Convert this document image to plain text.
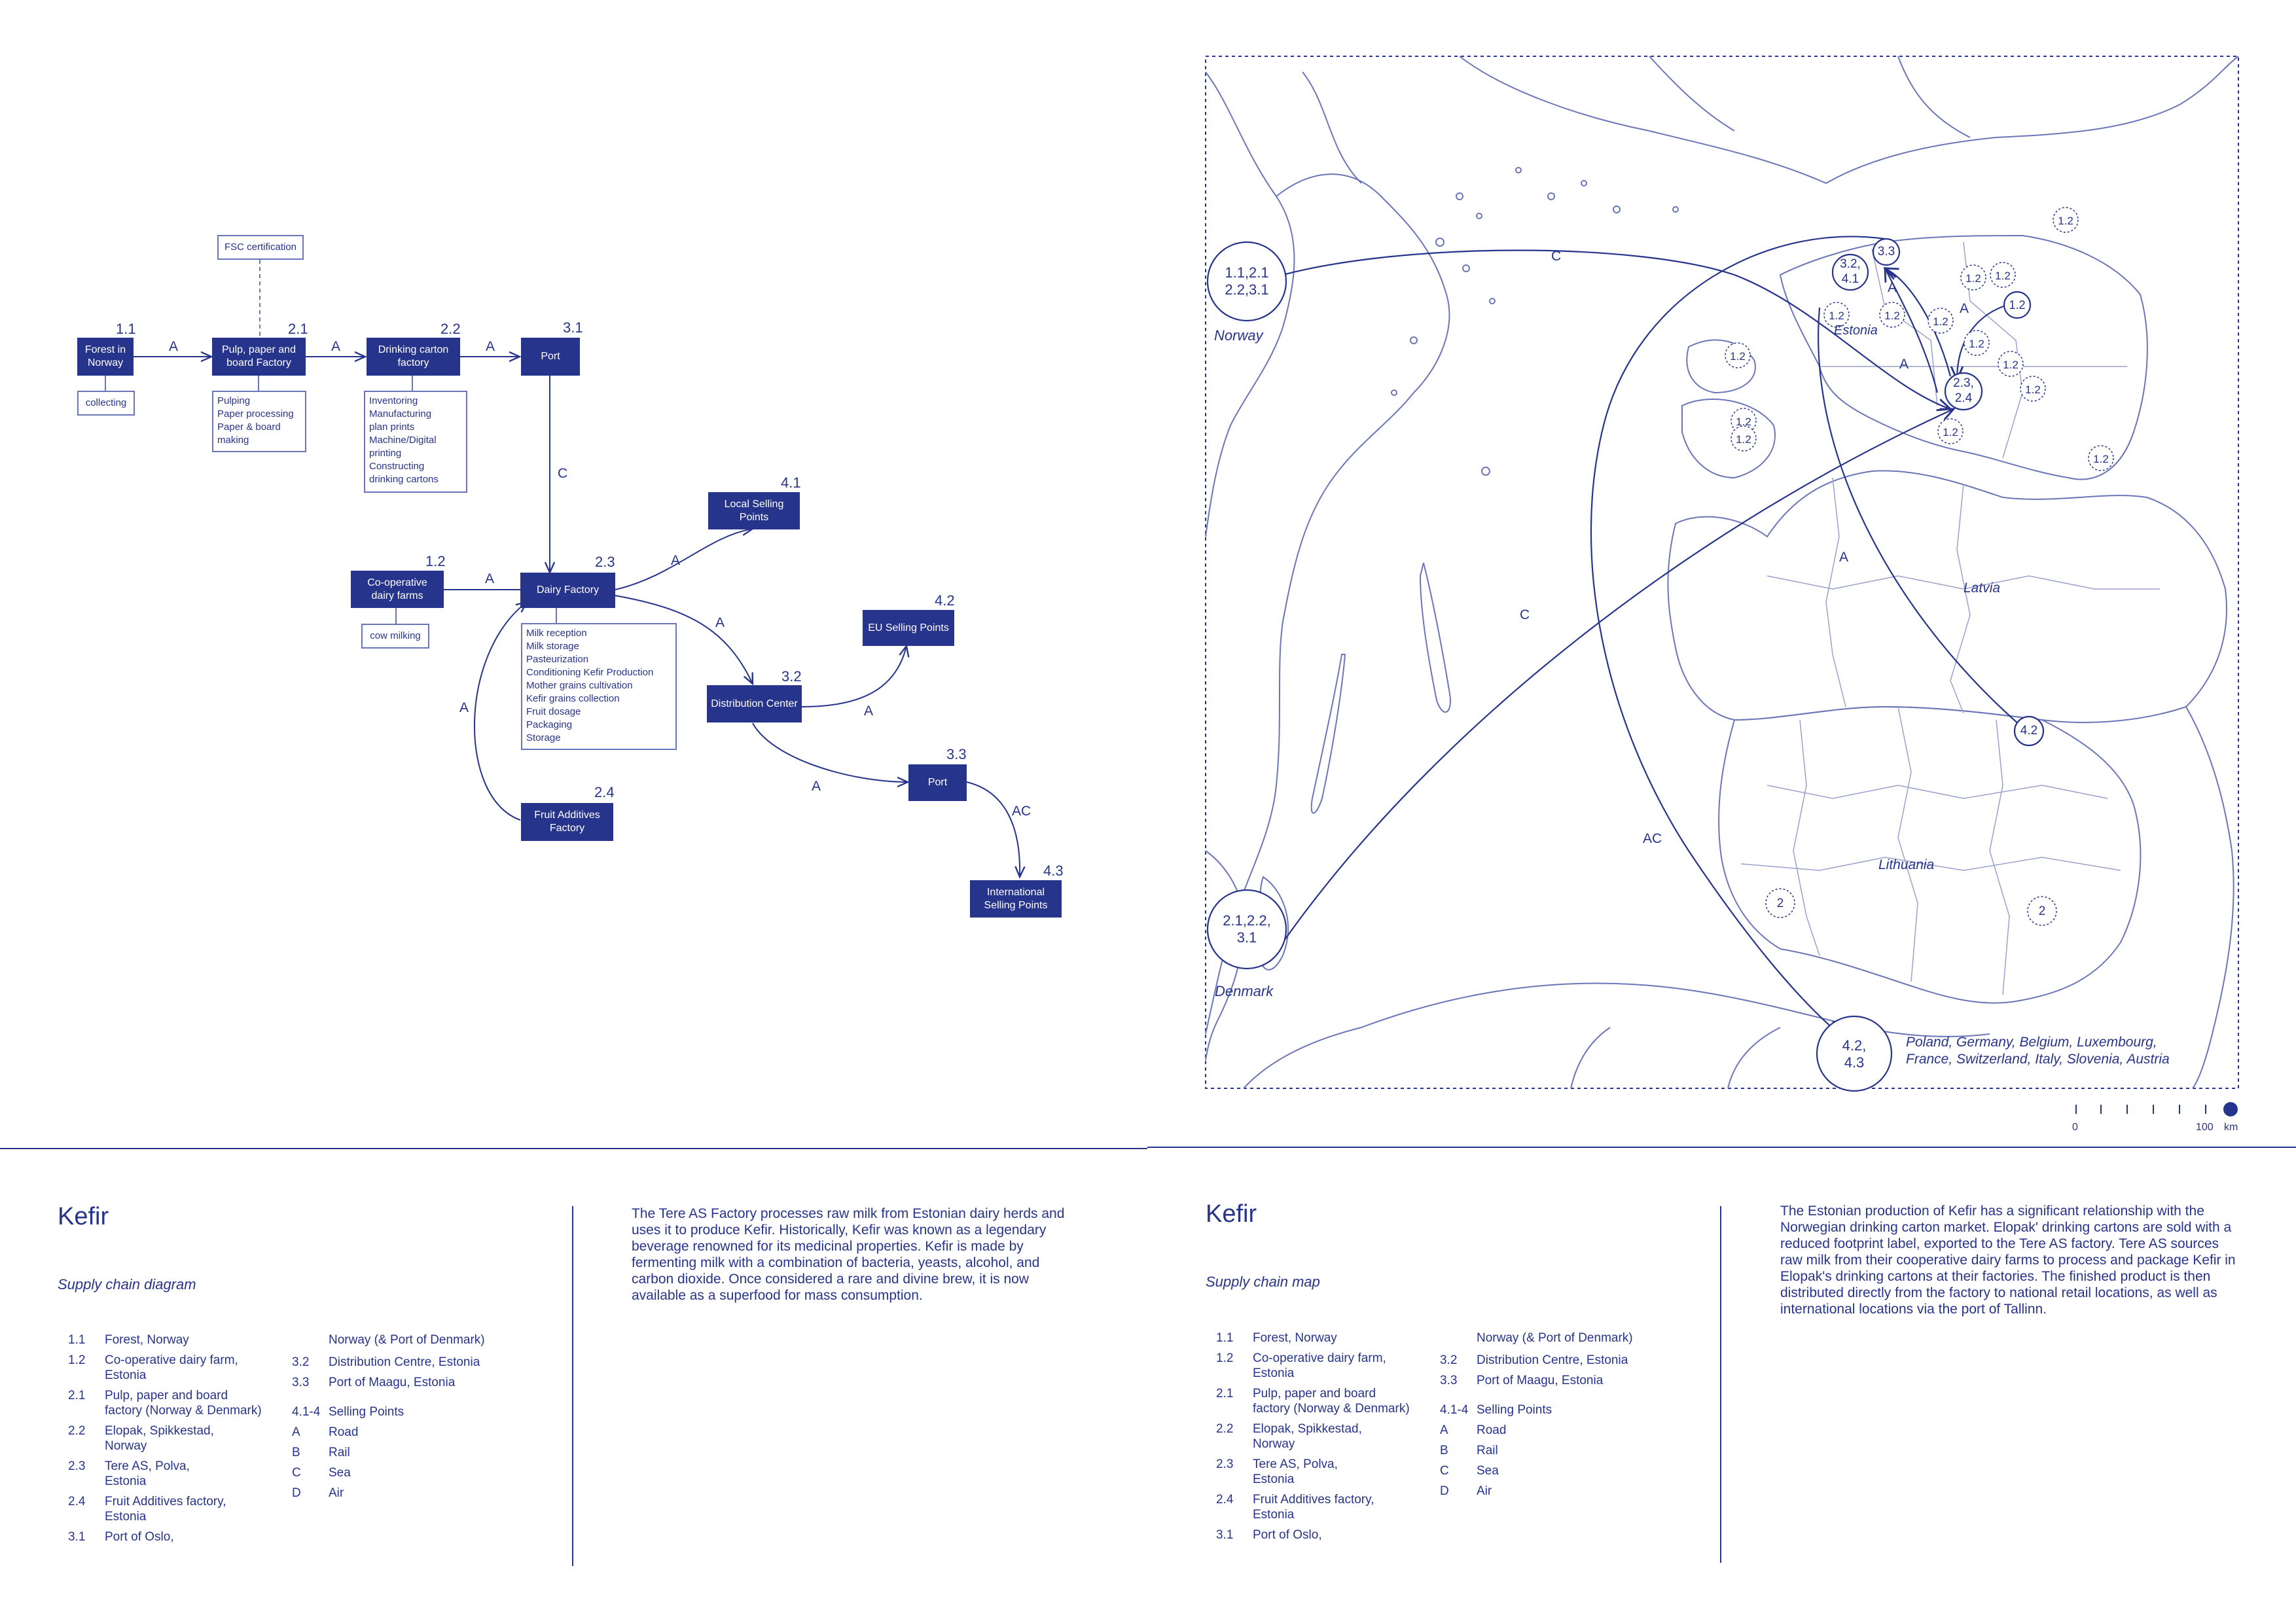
Forest in Norway
1.1
Pulp, paper and board Factory
2.1
Drinking carton factory
2.2
Port
3.1
Co-operative dairy farms
1.2
Dairy Factory
2.3
Local Selling Points
4.1
EU Selling Points
4.2
Distribution Center
3.2
Port
3.3
Fruit Additives Factory
2.4
International Selling Points
4.3
FSC certification
collecting	Pulping
Paper processing
Paper & board
making
Inventoring
Manufacturing
plan prints
Machine/Digital
printing
Constructing
drinking cartons
cow milking	Milk reception
Milk storage
Pasteurization
Conditioning Kefir Production
Mother grains cultivation
Kefir grains collection
Fruit dosage
Packaging
Storage
A	A	A
C
A
A
A
A
A
A
AC
1.1,2.1
2.2,3.1
2.1,2.2,
3.1
4.2,
4.3
3.2,
4.1
3.3
2.3,
2.4
4.2
1.2
1.2
1.2	1.2
1.2	1.2	1.2
1.2
1.2
1.2
1.2
1.2
1.2
1.2
1.2
2
2
Norway	Estonia
Latvia
Lithuania
Denmark
Poland, Germany, Belgium, Luxembourg,
France, Switzerland, Italy, Slovenia, Austria
C
C
A
AC
A
A
A
0	100 km
Kefir
Supply chain diagram
The Tere AS Factory processes raw milk from Estonian dairy herds and uses it to produce Kefir. Historically, Kefir was known as a legendary beverage renowned for its medicinal properties. Kefir is made by fermenting milk with a combination of bacteria, yeasts, alcohol, and carbon dioxide. Once considered a rare and divine brew, it is now available as a superfood for mass consumption.
1.1 Forest, Norway
1.2 Co-operative dairy farm,
Estonia
2.1 Pulp, paper and board
factory (Norway & Denmark)
2.2 Elopak, Spikkestad,
Norway
2.3 Tere AS, Polva,
Estonia
2.4 Fruit Additives factory,
Estonia
3.1 Port of Oslo,
Norway (& Port of Denmark)
3.2 Distribution Centre, Estonia
3.3 Port of Maagu, Estonia
4.1-4 Selling Points
A Road
B Rail
C Sea
D Air
Kefir
Supply chain map
The Estonian production of Kefir has a significant relationship with the Norwegian drinking carton market. Elopak' drinking cartons are sold with a reduced footprint label, exported to the Tere AS factory. Tere AS sources raw milk from their cooperative dairy farms to process and package Kefir in Elopak's drinking cartons at their factories. The finished product is then distributed directly from the factory to national retail locations, as well as international locations via the port of Tallinn.
1.1 Forest, Norway
1.2 Co-operative dairy farm,
Estonia
2.1 Pulp, paper and board
factory (Norway & Denmark)
2.2 Elopak, Spikkestad,
Norway
2.3 Tere AS, Polva,
Estonia
2.4 Fruit Additives factory,
Estonia
3.1 Port of Oslo,
Norway (& Port of Denmark)
3.2 Distribution Centre, Estonia
3.3 Port of Maagu, Estonia
4.1-4 Selling Points
A Road
B Rail
C Sea
D Air
